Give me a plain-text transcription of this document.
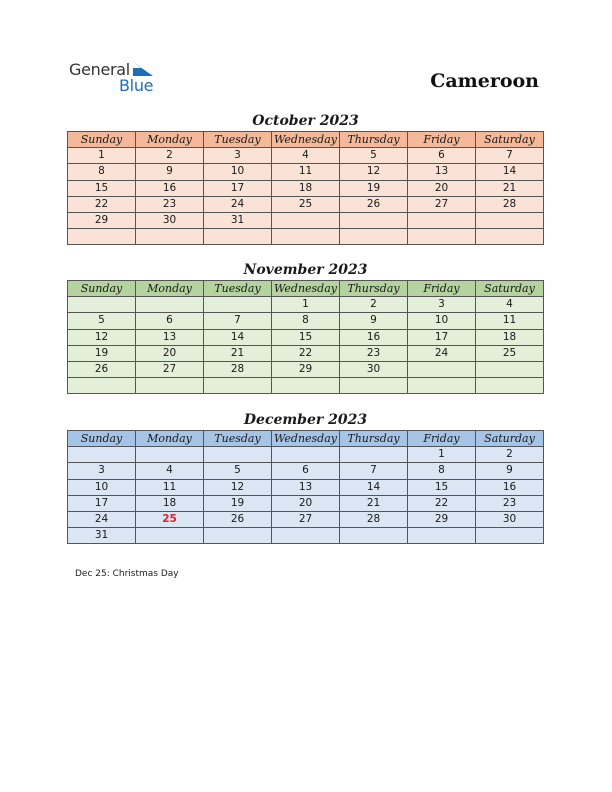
General
Blue	Cameroon
October 2023
Sunday	Monday	Tuesday	Wednesday	Thursday	Friday	Saturday
1	2	3	4	5	6	7
8	9	10	11	12	13	14
15	16	17	18	19	20	21
22	23	24	25	26	27	28
29	30	31				

November 2023
Sunday	Monday	Tuesday	Wednesday	Thursday	Friday	Saturday
			1	2	3	4
5	6	7	8	9	10	11
12	13	14	15	16	17	18
19	20	21	22	23	24	25
26	27	28	29	30		

December 2023
Sunday	Monday	Tuesday	Wednesday	Thursday	Friday	Saturday
					1	2
3	4	5	6	7	8	9
10	11	12	13	14	15	16
17	18	19	20	21	22	23
24	25	26	27	28	29	30
31						
Dec 25: Christmas Day
